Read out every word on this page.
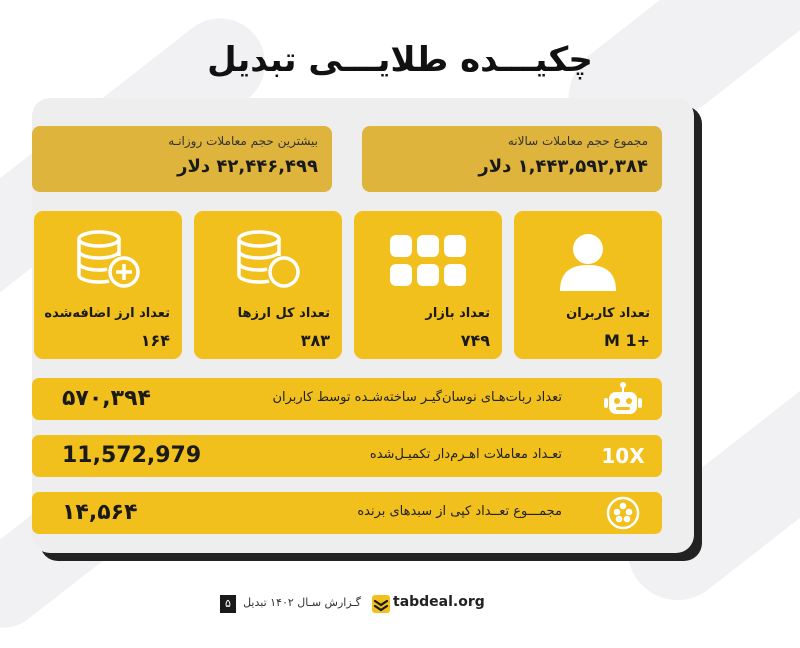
چکیـــده طلایـــی تبدیل
مجموع حجم معاملات سالانه
۱,۴۴۳,۵۹۲,۳۸۴ دلار
بیشترین حجم معاملات روزانـه
۴۲,۴۴۶,۴۹۹ دلار
تعداد کاربران
+1 M
تعداد بازار
۷۴۹
تعداد کل ارزها
۳۸۳
تعداد ارز اضافه‌شده
۱۶۴
تعداد ربات‌هـای نوسان‌گیـر ساخته‌شـده توسط کاربران
۵۷۰,۳۹۴
10X
تعـداد معاملات اهـرم‌دار تکمیـل‌شده
11,572,979
مجمـــوع تعــداد کپی از سبدهای برنده
۱۴,۵۶۴
۵	گـزارش سـال ۱۴۰۲ تبدیل	tabdeal.org
